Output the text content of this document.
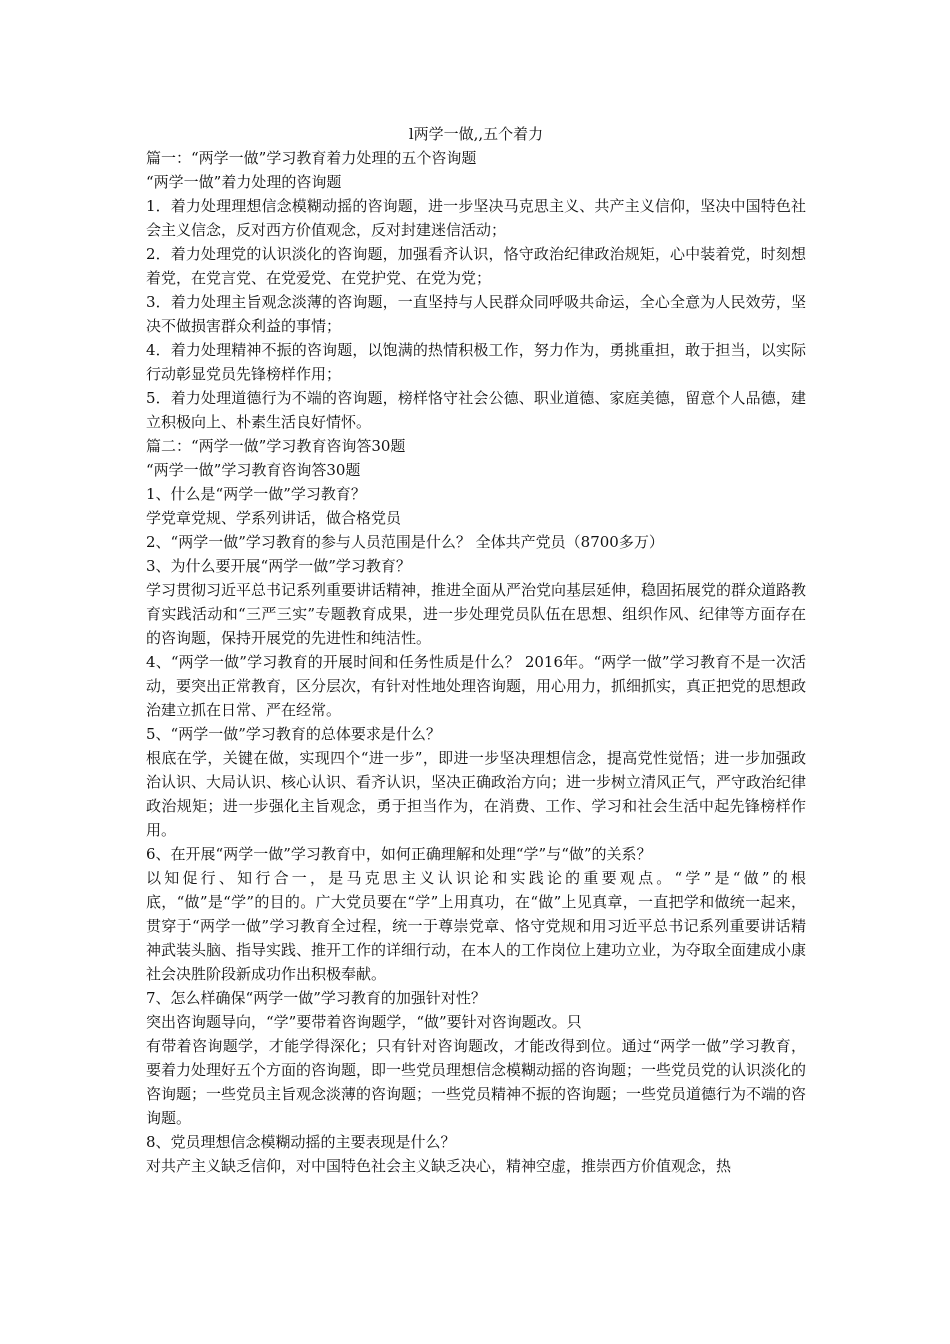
l两学一做,,五个着力

篇一：“两学一做”学习教育着力处理的五个咨询题

“两学一做”着力处理的咨询题

1．着力处理理想信念模糊动摇的咨询题，进一步坚决马克思主义、共产主义信仰，坚决中国特色社会主义信念，反对西方价值观念，反对封建迷信活动；

2．着力处理党的认识淡化的咨询题，加强看齐认识，恪守政治纪律政治规矩，心中装着党，时刻想着党，在党言党、在党爱党、在党护党、在党为党；

3．着力处理主旨观念淡薄的咨询题，一直坚持与人民群众同呼吸共命运，全心全意为人民效劳，坚决不做损害群众利益的事情；

4．着力处理精神不振的咨询题，以饱满的热情积极工作，努力作为，勇挑重担，敢于担当，以实际行动彰显党员先锋榜样作用；

5．着力处理道德行为不端的咨询题，榜样恪守社会公德、职业道德、家庭美德，留意个人品德，建立积极向上、朴素生活良好情怀。

篇二：“两学一做”学习教育咨询答30题

“两学一做”学习教育咨询答30题

1、什么是“两学一做”学习教育？

学党章党规、学系列讲话，做合格党员

2、“两学一做”学习教育的参与人员范围是什么？ 全体共产党员（8700多万）

3、为什么要开展“两学一做”学习教育？

学习贯彻习近平总书记系列重要讲话精神，推进全面从严治党向基层延伸，稳固拓展党的群众道路教育实践活动和“三严三实”专题教育成果，进一步处理党员队伍在思想、组织作风、纪律等方面存在的咨询题，保持开展党的先进性和纯洁性。

4、“两学一做”学习教育的开展时间和任务性质是什么？ 2016年。“两学一做”学习教育不是一次活动，要突出正常教育，区分层次，有针对性地处理咨询题，用心用力，抓细抓实，真正把党的思想政治建立抓在日常、严在经常。

5、“两学一做”学习教育的总体要求是什么？

根底在学，关键在做，实现四个“进一步”，即进一步坚决理想信念，提高党性觉悟；进一步加强政治认识、大局认识、核心认识、看齐认识，坚决正确政治方向；进一步树立清风正气，严守政治纪律政治规矩；进一步强化主旨观念，勇于担当作为，在消费、工作、学习和社会生活中起先锋榜样作用。

6、在开展“两学一做”学习教育中，如何正确理解和处理“学”与“做”的关系？

以知促行、知行合一，是马克思主义认识论和实践论的重要观点。“学”是“做”的根底，“做”是“学”的目的。广大党员要在“学”上用真功，在“做”上见真章，一直把学和做统一起来，贯穿于“两学一做”学习教育全过程，统一于尊崇党章、恪守党规和用习近平总书记系列重要讲话精神武装头脑、指导实践、推开工作的详细行动，在本人的工作岗位上建功立业，为夺取全面建成小康社会决胜阶段新成功作出积极奉献。

7、怎么样确保“两学一做”学习教育的加强针对性？

突出咨询题导向，“学”要带着咨询题学，“做”要针对咨询题改。只

有带着咨询题学，才能学得深化；只有针对咨询题改，才能改得到位。通过“两学一做”学习教育，要着力处理好五个方面的咨询题，即一些党员理想信念模糊动摇的咨询题；一些党员党的认识淡化的咨询题；一些党员主旨观念淡薄的咨询题；一些党员精神不振的咨询题；一些党员道德行为不端的咨询题。

8、党员理想信念模糊动摇的主要表现是什么？

对共产主义缺乏信仰，对中国特色社会主义缺乏决心，精神空虚，推崇西方价值观念，热
